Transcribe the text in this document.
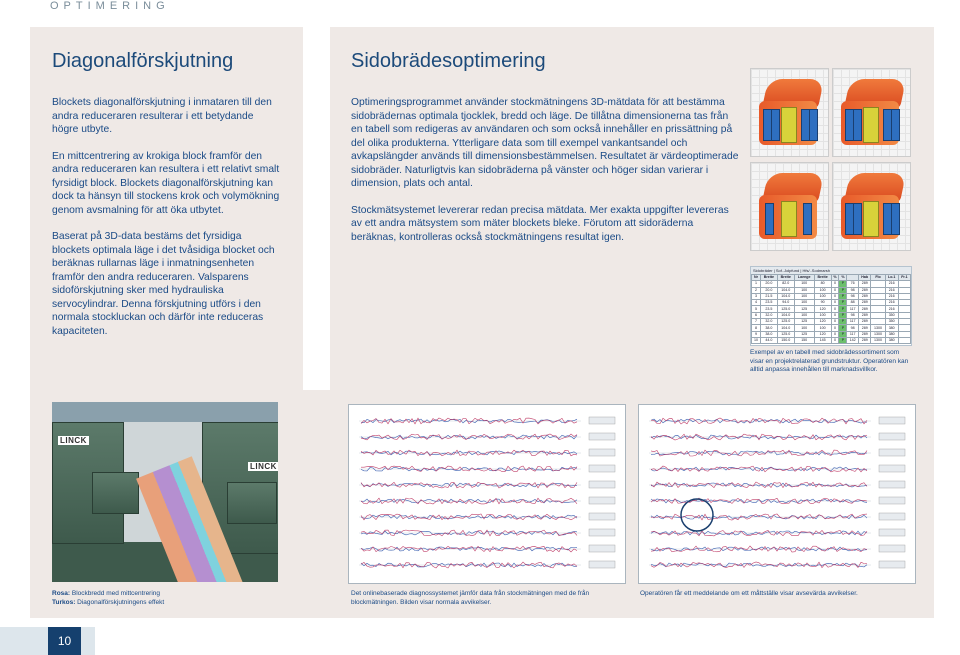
OPTIMERING
Diagonalförskjutning

Blockets diagonalförskjutning i inmataren till den andra reduceraren resulterar i ett betydande högre utbyte.

En mittcentrering av krokiga block framför den andra reduceraren kan resultera i ett relativt smalt fyrsidigt block. Blockets diagonalförskjutning kan dock ta hänsyn till stockens krok och volymökning genom avsmalning för att öka utbytet.

Baserat på 3D-data bestäms det fyrsidiga blockets optimala läge i det tvåsidiga blocket och beräknas rullarnas läge i inmatningsenheten framför den andra reduceraren. Valsparens sidoförskjutning sker med hydrauliska servocylindrar. Denna förskjutning utförs i den normala stockluckan och därför inte reduceras kapaciteten.

Sidobrädesoptimering

Optimeringsprogrammet använder stockmätningens 3D-mätdata för att bestämma sidobrädernas optimala tjocklek, bredd och läge. De tillåtna dimensionerna tas från en tabell som redigeras av användaren och som också innehåller en prissättning på del olika produkterna. Ytterligare data som till exempel vankantsandel och avkapslängder används till dimensionsbestämmelsen. Resultatet är värdeoptimerade sidobräder. Naturligtvis kan sidobräderna på vänster och höger sidan varierar i dimension, plats och antal.

Stockmätsystemet levererar redan precisa mätdata. Mer exakta uppgifter levereras av ett andra mätsystem som mäter blockets bleke. Förutom att sidoräderna beräknas, kontrolleras också stockmätningens resultat igen.

Sidobräder | Sof..Jolpfund | Hfs/..Sodmarsh
Nr	Breite	Breite	Laenge	Breite	%	%		Hab	Flo	Lo.1	Fr.1
1	20.0	82.0	100	80	0	P	76	289		216	
2	20.0	104.0	100	100	0	P	98	289		216	
3	21.5	104.0	100	100	0	P	98	289		216	
4	23.5	94.0	100	90	0	P	88	289		216	
5	23.5	125.0	125	120	0	P	117	289		216	
6	32.0	104.0	100	100	0	P	98	289		350	
7	32.0	125.0	125	120	0	P	117	289		350	
8	38.0	104.0	100	100	0	P	98	289	1300	380	
9	38.0	125.0	125	120	0	P	117	289	1300	380	
10	44.0	150.0	150	145	0	P	142	289	1300	380	
Exempel av en tabell med sidobrädessortiment som visar en projektrelaterad grundstruktur. Operatören kan alltid anpassa innehållen till marknadsvillkor.
LINCK
LINCK
Rosa: Blockbredd med mittcentrering
Turkos: Diagonalförskjutningens effekt
Det onlinebaserade diagnossystemet jämför data från stockmätningen med de från blockmätningen. Bilden visar normala avvikelser.
Operatören får ett meddelande om ett måttställe visar avsevärda avvikelser.
10
